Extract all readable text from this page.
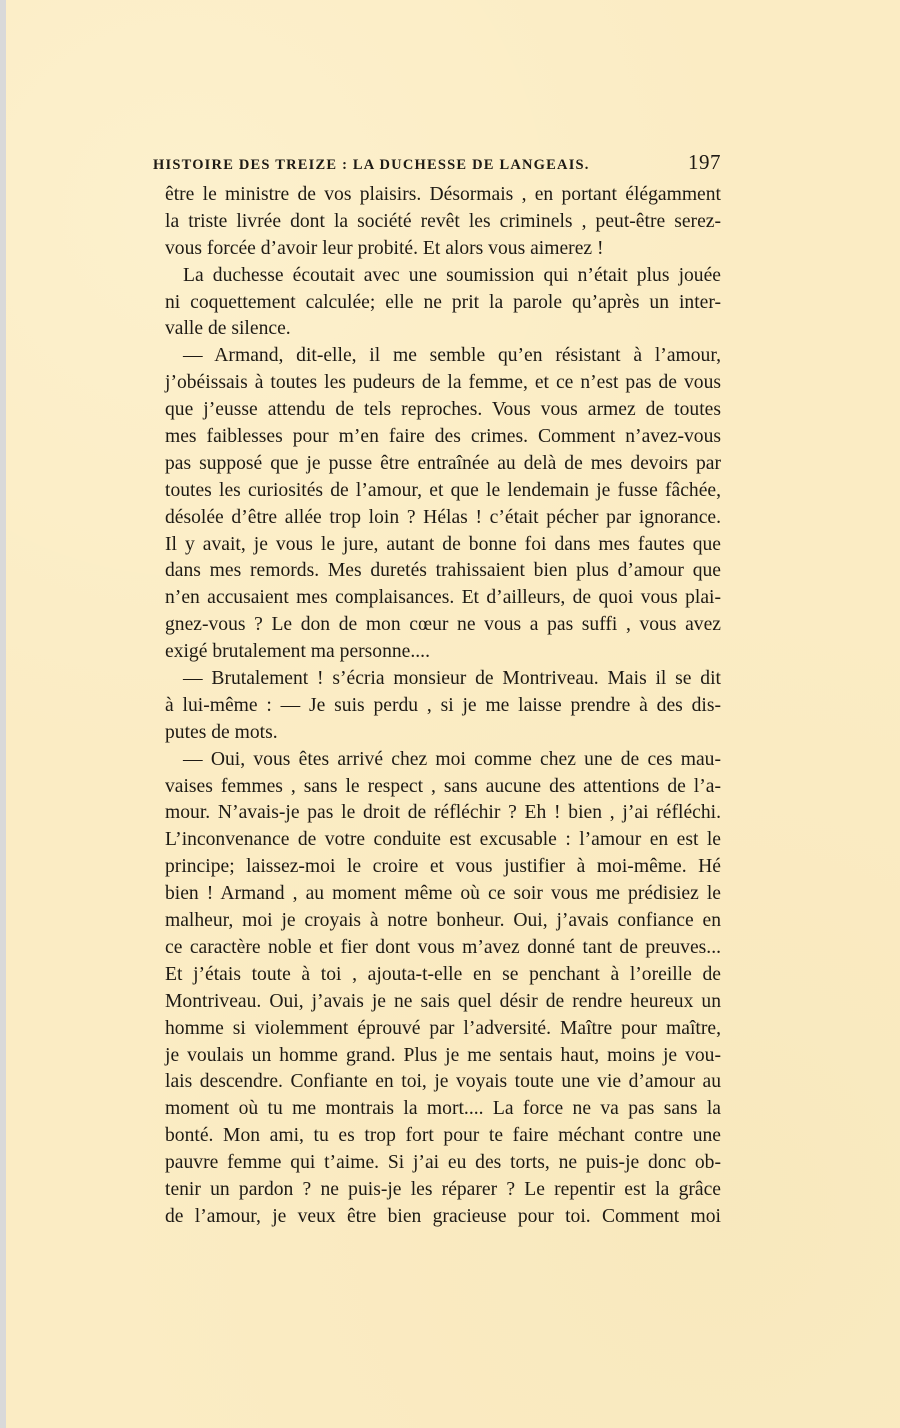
HISTOIRE DES TREIZE : LA DUCHESSE DE LANGEAIS.	197
être le ministre de vos plaisirs. Désormais , en portant élégamment
la triste livrée dont la société revêt les criminels , peut-être serez-
vous forcée d’avoir leur probité. Et alors vous aimerez !
La duchesse écoutait avec une soumission qui n’était plus jouée
ni coquettement calculée; elle ne prit la parole qu’après un inter-
valle de silence.
— Armand, dit-elle, il me semble qu’en résistant à l’amour,
j’obéissais à toutes les pudeurs de la femme, et ce n’est pas de vous
que j’eusse attendu de tels reproches. Vous vous armez de toutes
mes faiblesses pour m’en faire des crimes. Comment n’avez-vous
pas supposé que je pusse être entraînée au delà de mes devoirs par
toutes les curiosités de l’amour, et que le lendemain je fusse fâchée,
désolée d’être allée trop loin ? Hélas ! c’était pécher par ignorance.
Il y avait, je vous le jure, autant de bonne foi dans mes fautes que
dans mes remords. Mes duretés trahissaient bien plus d’amour que
n’en accusaient mes complaisances. Et d’ailleurs, de quoi vous plai-
gnez-vous ? Le don de mon cœur ne vous a pas suffi , vous avez
exigé brutalement ma personne....
— Brutalement ! s’écria monsieur de Montriveau. Mais il se dit
à lui-même : — Je suis perdu , si je me laisse prendre à des dis-
putes de mots.
— Oui, vous êtes arrivé chez moi comme chez une de ces mau-
vaises femmes , sans le respect , sans aucune des attentions de l’a-
mour. N’avais-je pas le droit de réfléchir ? Eh ! bien , j’ai réfléchi.
L’inconvenance de votre conduite est excusable : l’amour en est le
principe; laissez-moi le croire et vous justifier à moi-même. Hé
bien ! Armand , au moment même où ce soir vous me prédisiez le
malheur, moi je croyais à notre bonheur. Oui, j’avais confiance en
ce caractère noble et fier dont vous m’avez donné tant de preuves...
Et j’étais toute à toi , ajouta-t-elle en se penchant à l’oreille de
Montriveau. Oui, j’avais je ne sais quel désir de rendre heureux un
homme si violemment éprouvé par l’adversité. Maître pour maître,
je voulais un homme grand. Plus je me sentais haut, moins je vou-
lais descendre. Confiante en toi, je voyais toute une vie d’amour au
moment où tu me montrais la mort.... La force ne va pas sans la
bonté. Mon ami, tu es trop fort pour te faire méchant contre une
pauvre femme qui t’aime. Si j’ai eu des torts, ne puis-je donc ob-
tenir un pardon ? ne puis-je les réparer ? Le repentir est la grâce
de l’amour, je veux être bien gracieuse pour toi. Comment moi
